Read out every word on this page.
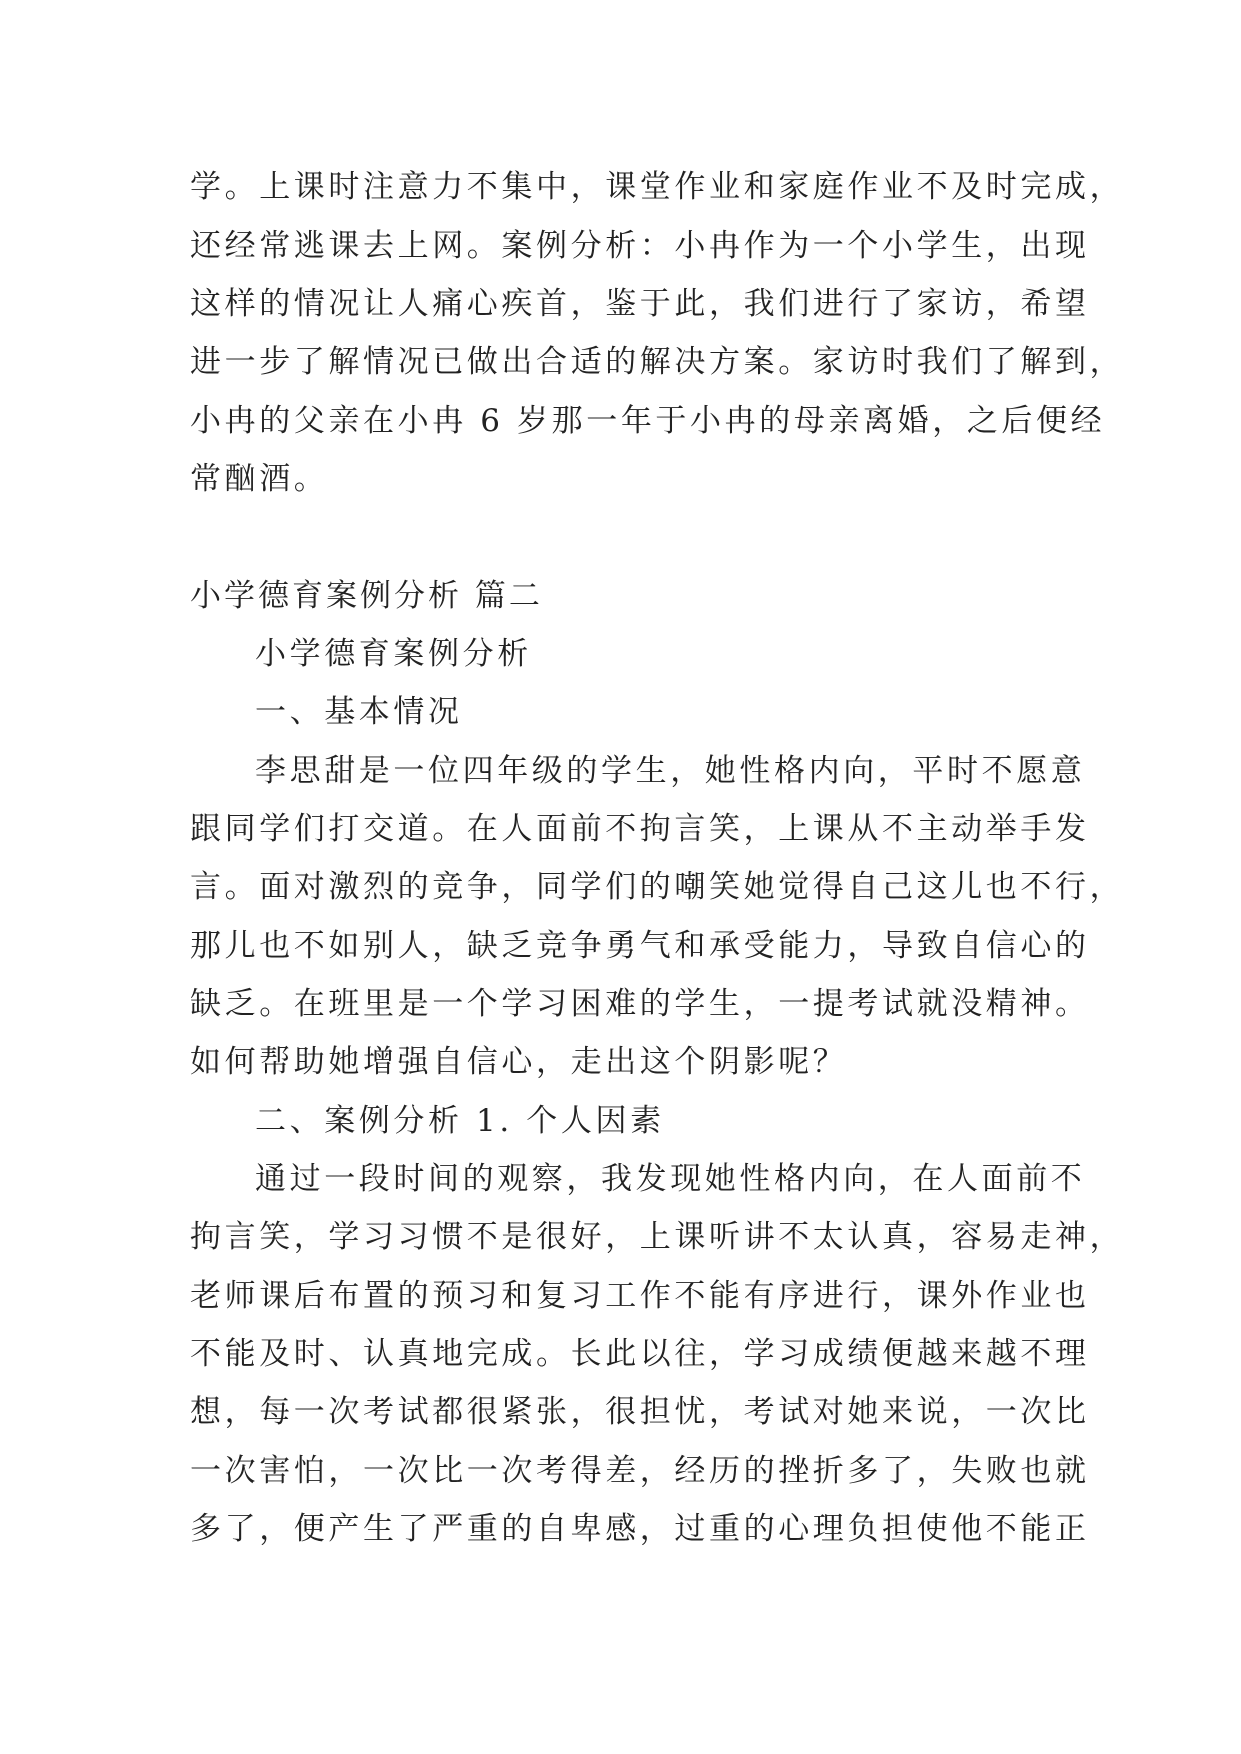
学。上课时注意力不集中，课堂作业和家庭作业不及时完成，
还经常逃课去上网。案例分析：小冉作为一个小学生，出现
这样的情况让人痛心疾首，鉴于此，我们进行了家访，希望
进一步了解情况已做出合适的解决方案。家访时我们了解到，
小冉的父亲在小冉 6 岁那一年于小冉的母亲离婚，之后便经
常酗酒。
小学德育案例分析 篇二
小学德育案例分析
一、基本情况
李思甜是一位四年级的学生，她性格内向，平时不愿意
跟同学们打交道。在人面前不拘言笑，上课从不主动举手发
言。面对激烈的竞争，同学们的嘲笑她觉得自己这儿也不行，
那儿也不如别人，缺乏竞争勇气和承受能力，导致自信心的
缺乏。在班里是一个学习困难的学生，一提考试就没精神。
如何帮助她增强自信心，走出这个阴影呢？
二、案例分析 1. 个人因素
通过一段时间的观察，我发现她性格内向，在人面前不
拘言笑，学习习惯不是很好，上课听讲不太认真，容易走神，
老师课后布置的预习和复习工作不能有序进行，课外作业也
不能及时、认真地完成。长此以往，学习成绩便越来越不理
想，每一次考试都很紧张，很担忧，考试对她来说，一次比
一次害怕，一次比一次考得差，经历的挫折多了，失败也就
多了，便产生了严重的自卑感，过重的心理负担使他不能正
